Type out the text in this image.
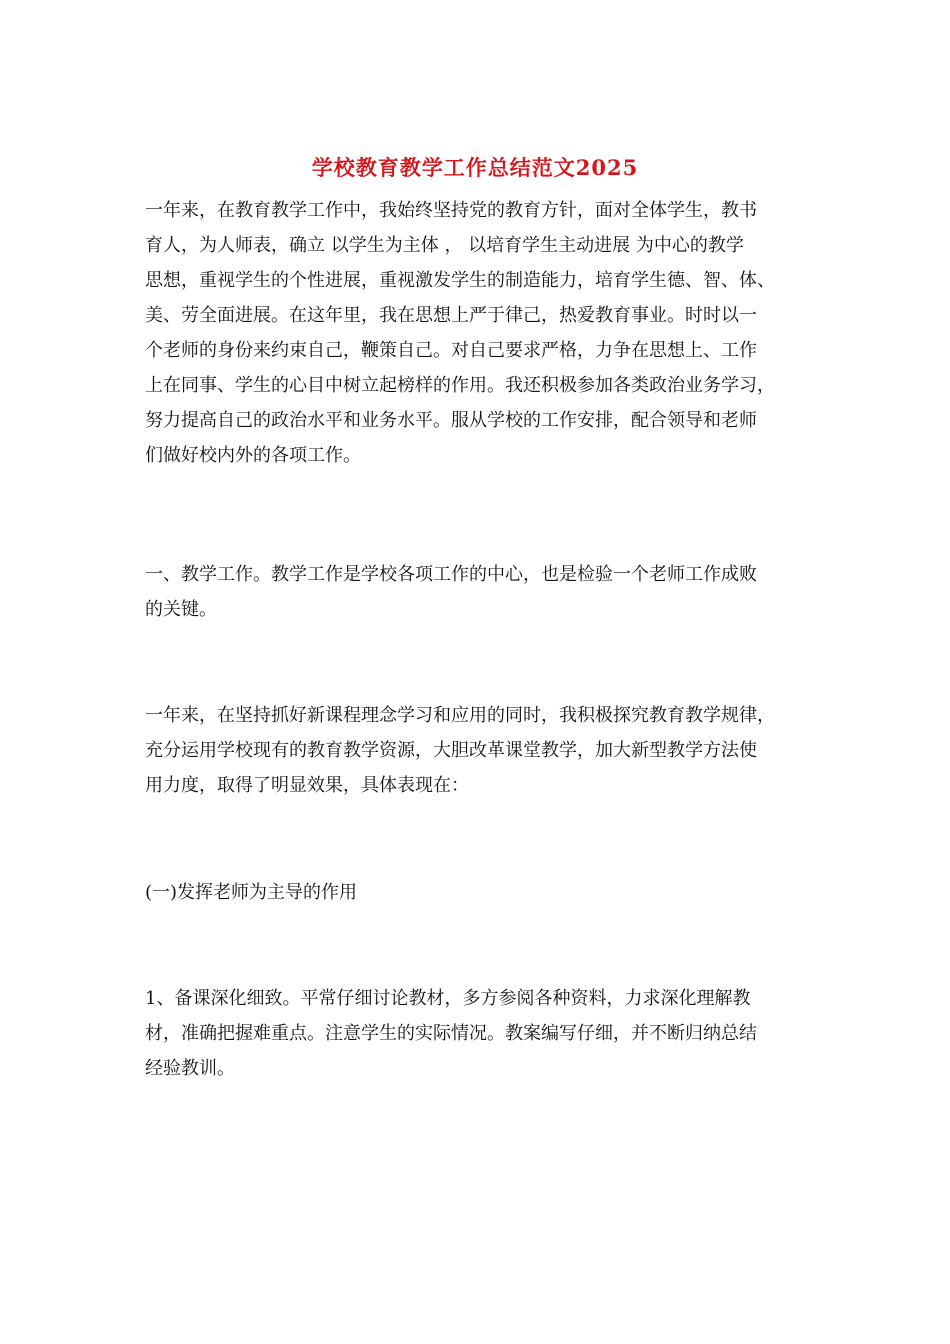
学校教育教学工作总结范文2025
一年来，在教育教学工作中，我始终坚持党的教育方针，面对全体学生，教书
育人，为人师表，确立 以学生为主体 ， 以培育学生主动进展 为中心的教学
思想，重视学生的个性进展，重视激发学生的制造能力，培育学生德、智、体、
美、劳全面进展。在这年里，我在思想上严于律己，热爱教育事业。时时以一
个老师的身份来约束自己，鞭策自己。对自己要求严格，力争在思想上、工作
上在同事、学生的心目中树立起榜样的作用。我还积极参加各类政治业务学习，
努力提高自己的政治水平和业务水平。服从学校的工作安排，配合领导和老师
们做好校内外的各项工作。
一、教学工作。教学工作是学校各项工作的中心，也是检验一个老师工作成败
的关键。
一年来，在坚持抓好新课程理念学习和应用的同时，我积极探究教育教学规律，
充分运用学校现有的教育教学资源，大胆改革课堂教学，加大新型教学方法使
用力度，取得了明显效果，具体表现在：
(一)发挥老师为主导的作用
1、备课深化细致。平常仔细讨论教材，多方参阅各种资料，力求深化理解教
材，准确把握难重点。注意学生的实际情况。教案编写仔细，并不断归纳总结
经验教训。
